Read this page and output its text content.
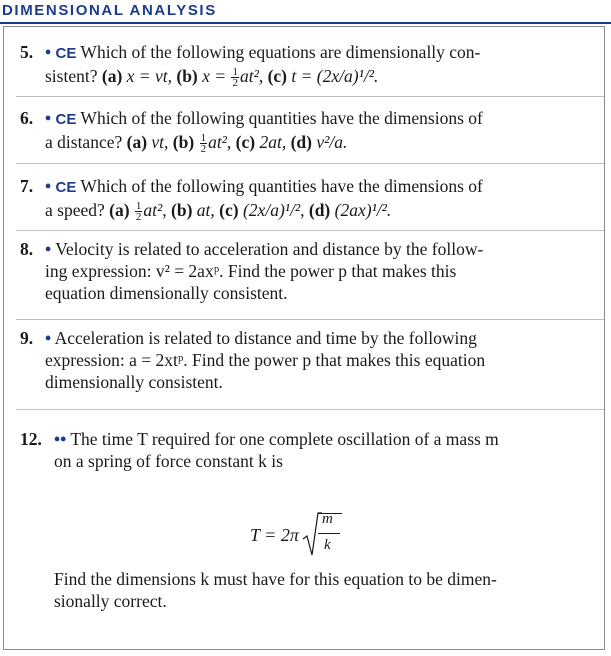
DIMENSIONAL ANALYSIS
5. • CE Which of the following equations are dimensionally con-
sistent? (a) x = vt, (b) $x = \frac{1}{2} at^2$, (c) t = (2x/a)¹/².
6. • CE Which of the following quantities have the dimensions of
a distance? (a) vt, $(b) \frac{1}{2} at^2$, (c) 2at, (d) v²/a.
7. • CE Which of the following quantities have the dimensions of
a speed? $(a) \frac{1}{2} at^2$, (b) at, (c) (2x/a)¹/², (d) (2ax)¹/².
8. • Velocity is related to acceleration and distance by the follow-
ing expression: v² = 2axᵖ. Find the power p that makes this
equation dimensionally consistent.
9. • Acceleration is related to distance and time by the following
expression: a = 2xtᵖ. Find the power p that makes this equation
dimensionally consistent.
12. •• The time T required for one complete oscillation of a mass m
on a spring of force constant k is
T = 2π
m
k
Find the dimensions k must have for this equation to be dimen-
sionally correct.
